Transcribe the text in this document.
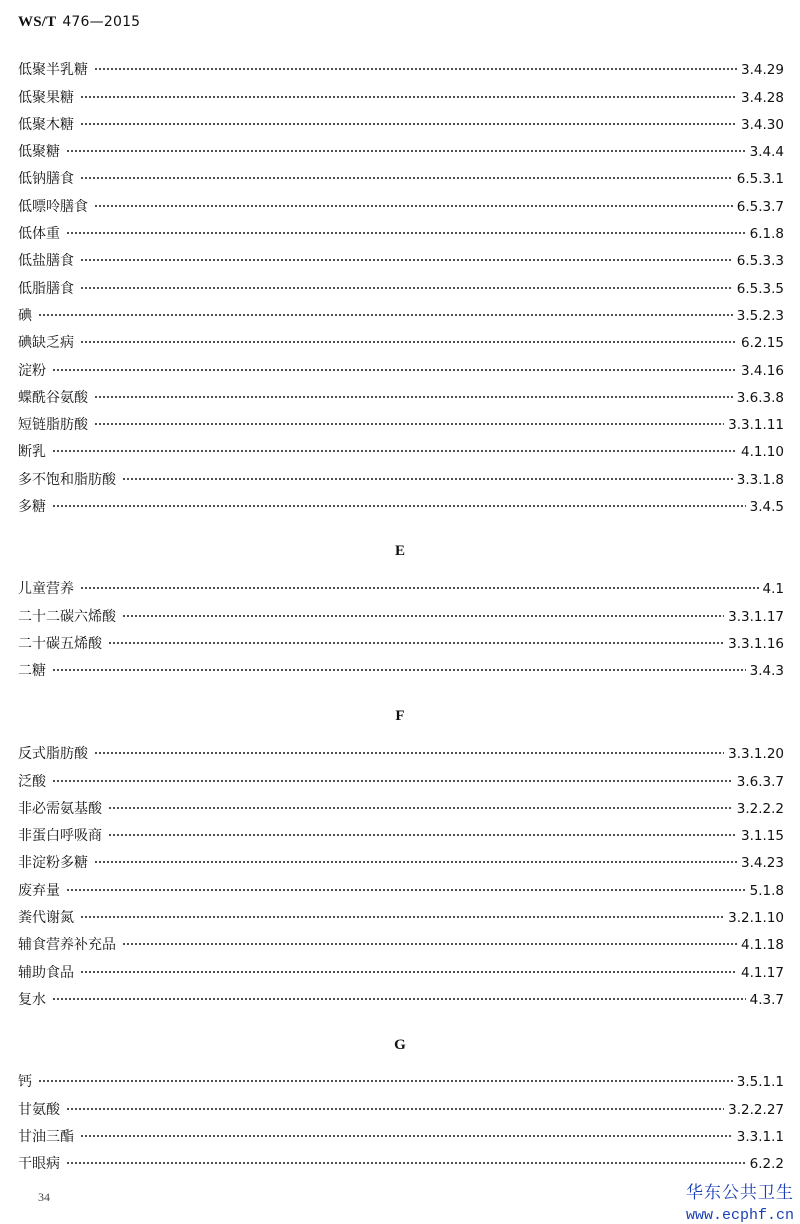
WS/T 476—2015
低聚半乳糖	3.4.29
低聚果糖	3.4.28
低聚木糖	3.4.30
低聚糖	3.4.4
低钠膳食	6.5.3.1
低嘌呤膳食	6.5.3.7
低体重	6.1.8
低盐膳食	6.5.3.3
低脂膳食	6.5.3.5
碘	3.5.2.3
碘缺乏病	6.2.15
淀粉	3.4.16
蝶酰谷氨酸	3.6.3.8
短链脂肪酸	3.3.1.11
断乳	4.1.10
多不饱和脂肪酸	3.3.1.8
多糖	3.4.5
E
儿童营养	4.1
二十二碳六烯酸	3.3.1.17
二十碳五烯酸	3.3.1.16
二糖	3.4.3
F
反式脂肪酸	3.3.1.20
泛酸	3.6.3.7
非必需氨基酸	3.2.2.2
非蛋白呼吸商	3.1.15
非淀粉多糖	3.4.23
废弃量	5.1.8
粪代谢氮	3.2.1.10
辅食营养补充品	4.1.18
辅助食品	4.1.17
复水	4.3.7
G
钙	3.5.1.1
甘氨酸	3.2.2.27
甘油三酯	3.3.1.1
干眼病	6.2.2
34	华东公共卫生
www.ecphf.cn
